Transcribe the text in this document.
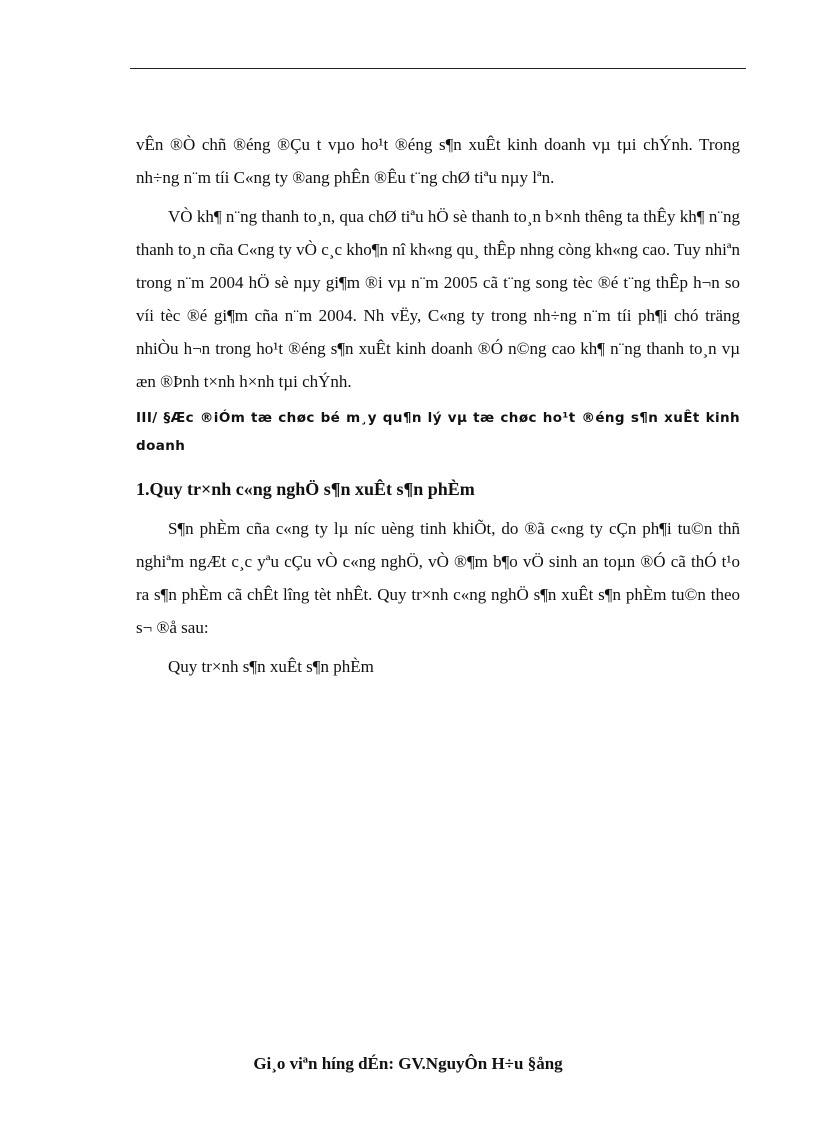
vÊn ®Ò chñ ®éng ®Çu t vµo ho¹t ®éng s¶n xuÊt kinh doanh vµ tµi chÝnh. Trong nh÷ng n¨m tíi C«ng ty ®ang phÊn ®Êu t¨ng chØ tiªu nµy lªn.

VÒ kh¶ n¨ng thanh to¸n, qua chØ tiªu hÖ sè thanh to¸n b×nh thêng ta thÊy kh¶ n¨ng thanh to¸n cña C«ng ty vÒ c¸c kho¶n nî kh«ng qu¸ thÊp nhng còng kh«ng cao. Tuy nhiªn trong n¨m 2004 hÖ sè nµy gi¶m ®i vµ n¨m 2005 cã t¨ng song tèc ®é t¨ng thÊp h¬n so víi tèc ®é gi¶m cña n¨m 2004. Nh vËy, C«ng ty trong nh÷ng n¨m tíi ph¶i chó träng nhiÒu h¬n trong ho¹t ®éng s¶n xuÊt kinh doanh ®Ó n©ng cao kh¶ n¨ng thanh to¸n vµ æn ®Þnh t×nh h×nh tµi chÝnh.

III/ §Æc ®iÓm tæ chøc bé m¸y qu¶n lý vµ tæ chøc ho¹t ®éng s¶n xuÊt kinh doanh

1.Quy tr×nh c«ng nghÖ s¶n xuÊt s¶n phÈm

S¶n phÈm cña c«ng ty lµ níc uèng tinh khiÕt, do ®ã c«ng ty cÇn ph¶i tu©n thñ nghiªm ngÆt c¸c yªu cÇu vÒ c«ng nghÖ, vÒ ®¶m b¶o vÖ sinh an toµn ®Ó cã thÓ t¹o ra s¶n phÈm cã chÊt lîng tèt nhÊt. Quy tr×nh c«ng nghÖ s¶n xuÊt s¶n phÈm tu©n theo s¬ ®å sau:

Quy tr×nh s¶n xuÊt s¶n phÈm

Gi¸o viªn híng dÉn: GV.NguyÔn H÷u §ång
